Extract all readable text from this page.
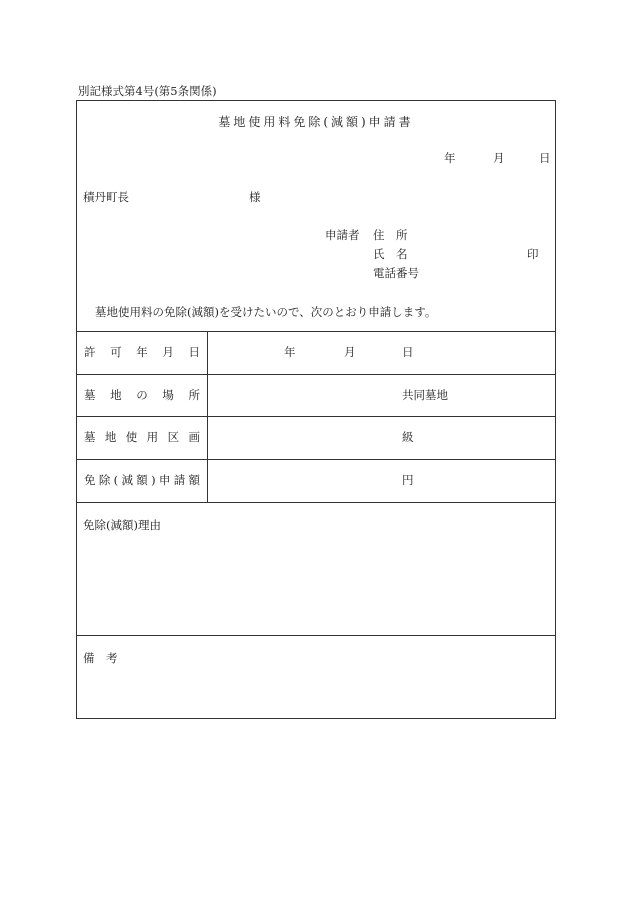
別記様式第4号(第5条関係)
墓地使用料免除(減額)申請書
年	月	日
積丹町長	様
申請者 住　所
氏　名	印
電話番号
墓地使用料の免除(減額)を受けたいので、次のとおり申請します。
許 可 年 月 日	年	月	日
墓 地 の 場 所	共同墓地
墓 地 使 用 区 画	級
免 除 ( 減 額 ) 申 請 額	円
免除(減額)理由
備　考
